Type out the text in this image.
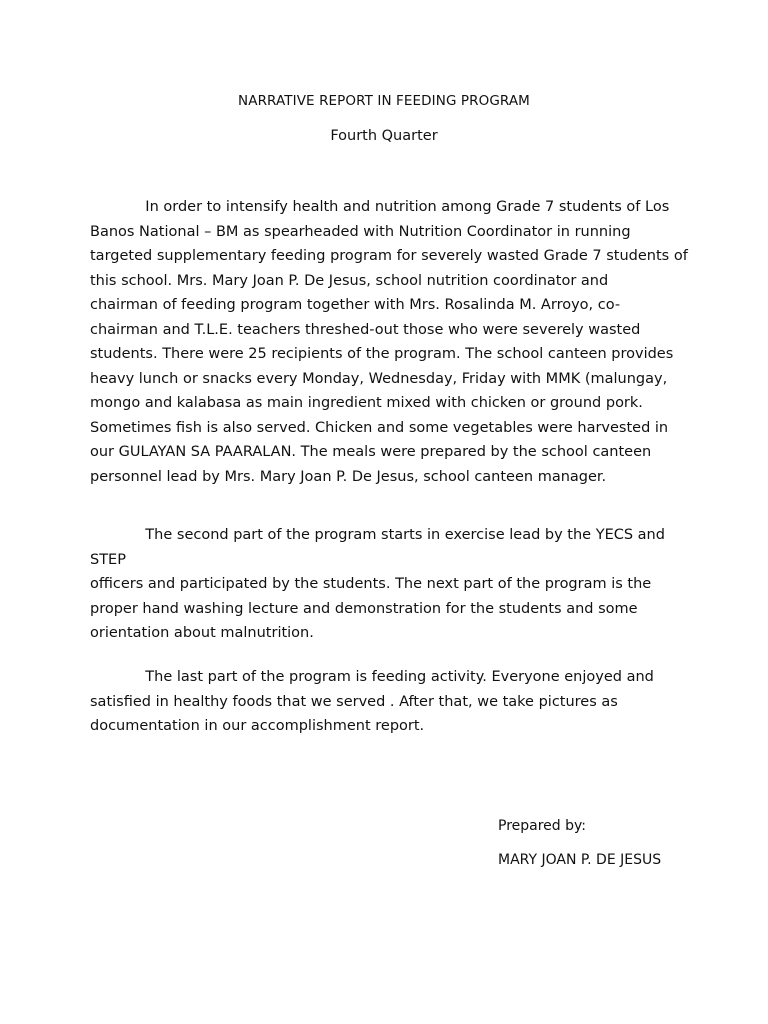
NARRATIVE REPORT IN FEEDING PROGRAM
Fourth Quarter

In order to intensify health and nutrition among Grade 7 students of Los
Banos National – BM as spearheaded with Nutrition Coordinator in running
targeted supplementary feeding program for severely wasted Grade 7 students of
this school. Mrs. Mary Joan P. De Jesus, school nutrition coordinator and
chairman of feeding program together with Mrs. Rosalinda M. Arroyo, co-
chairman and T.L.E. teachers threshed-out those who were severely wasted
students. There were 25 recipients of the program. The school canteen provides
heavy lunch or snacks every Monday, Wednesday, Friday with MMK (malungay,
mongo and kalabasa as main ingredient mixed with chicken or ground pork.
Sometimes fish is also served. Chicken and some vegetables were harvested in
our GULAYAN SA PAARALAN. The meals were prepared by the school canteen
personnel lead by Mrs. Mary Joan P. De Jesus, school canteen manager.

The second part of the program starts in exercise lead by the YECS and STEP
officers and participated by the students. The next part of the program is the
proper hand washing lecture and demonstration for the students and some
orientation about malnutrition.

The last part of the program is feeding activity. Everyone enjoyed and
satisfied in healthy foods that we served . After that, we take pictures as
documentation in our accomplishment report.

Prepared by:
MARY JOAN P. DE JESUS
